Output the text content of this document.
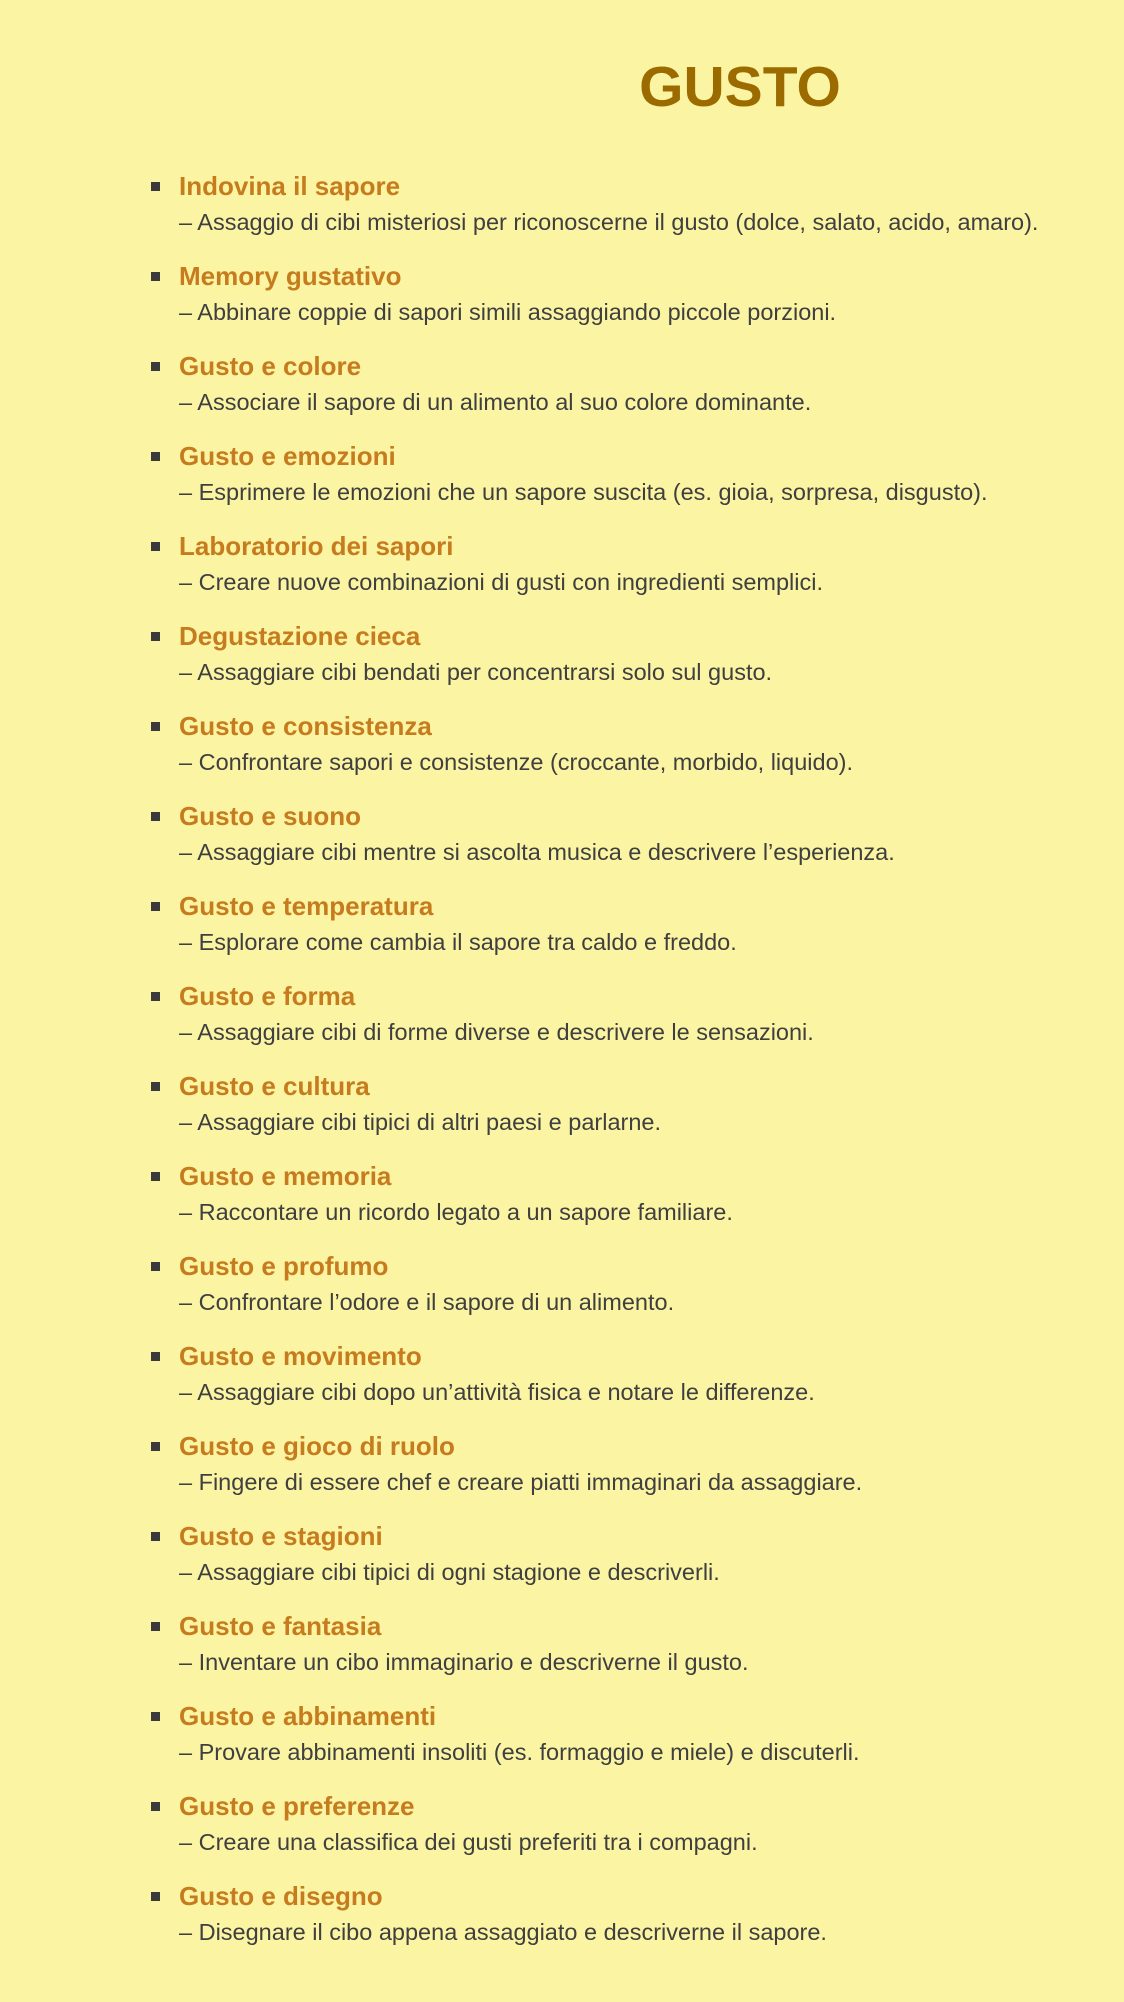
GUSTO
Indovina il sapore
– Assaggio di cibi misteriosi per riconoscerne il gusto (dolce, salato, acido, amaro).
Memory gustativo
– Abbinare coppie di sapori simili assaggiando piccole porzioni.
Gusto e colore
– Associare il sapore di un alimento al suo colore dominante.
Gusto e emozioni
– Esprimere le emozioni che un sapore suscita (es. gioia, sorpresa, disgusto).
Laboratorio dei sapori
– Creare nuove combinazioni di gusti con ingredienti semplici.
Degustazione cieca
– Assaggiare cibi bendati per concentrarsi solo sul gusto.
Gusto e consistenza
– Confrontare sapori e consistenze (croccante, morbido, liquido).
Gusto e suono
– Assaggiare cibi mentre si ascolta musica e descrivere l’esperienza.
Gusto e temperatura
– Esplorare come cambia il sapore tra caldo e freddo.
Gusto e forma
– Assaggiare cibi di forme diverse e descrivere le sensazioni.
Gusto e cultura
– Assaggiare cibi tipici di altri paesi e parlarne.
Gusto e memoria
– Raccontare un ricordo legato a un sapore familiare.
Gusto e profumo
– Confrontare l’odore e il sapore di un alimento.
Gusto e movimento
– Assaggiare cibi dopo un’attività fisica e notare le differenze.
Gusto e gioco di ruolo
– Fingere di essere chef e creare piatti immaginari da assaggiare.
Gusto e stagioni
– Assaggiare cibi tipici di ogni stagione e descriverli.
Gusto e fantasia
– Inventare un cibo immaginario e descriverne il gusto.
Gusto e abbinamenti
– Provare abbinamenti insoliti (es. formaggio e miele) e discuterli.
Gusto e preferenze
– Creare una classifica dei gusti preferiti tra i compagni.
Gusto e disegno
– Disegnare il cibo appena assaggiato e descriverne il sapore.
